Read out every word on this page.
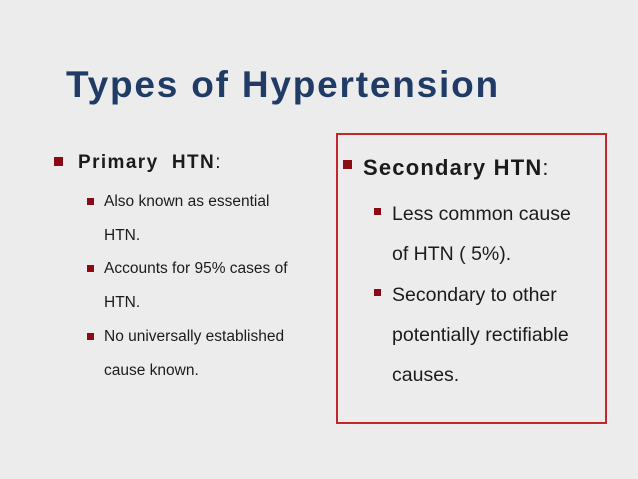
Types of Hypertension
Primary  HTN:
Also known as essential
HTN.
Accounts for 95% cases of
HTN.
No universally established
cause known.
Secondary HTN:
Less common cause
of HTN ( 5%).
Secondary to other
potentially rectifiable
causes.
